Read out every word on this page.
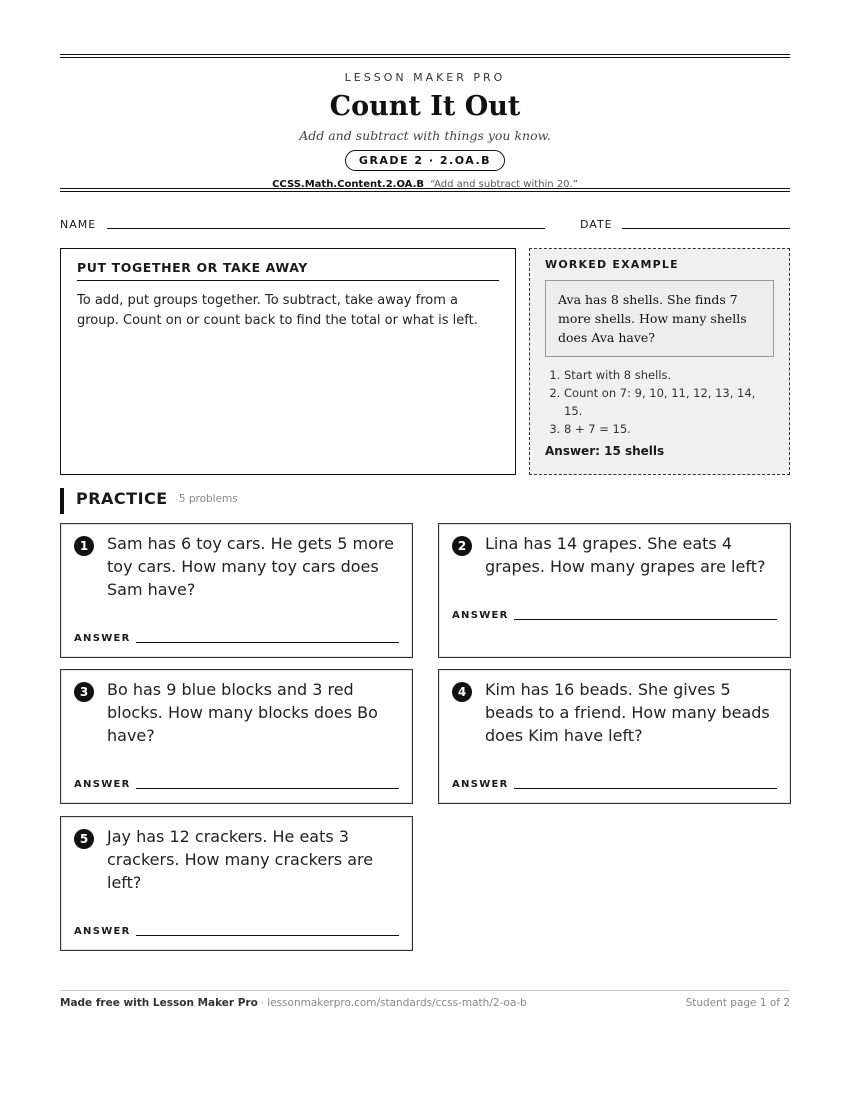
LESSON MAKER PRO
Count It Out
Add and subtract with things you know.
GRADE 2 · 2.OA.B
CCSS.Math.Content.2.OA.B “Add and subtract within 20.”
NAME	DATE
PUT TOGETHER OR TAKE AWAY
To add, put groups together. To subtract, take away from a group. Count on or count back to find the total or what is left.
WORKED EXAMPLE
Ava has 8 shells. She finds 7 more shells. How many shells does Ava have?
1. Start with 8 shells.
2. Count on 7: 9, 10, 11, 12, 13, 14, 15.
3. 8 + 7 = 15.
Answer: 15 shells
PRACTICE 5 problems
1	Sam has 6 toy cars. He gets 5 more toy cars. How many toy cars does Sam have?
ANSWER
2	Lina has 14 grapes. She eats 4 grapes. How many grapes are left?
ANSWER
3	Bo has 9 blue blocks and 3 red blocks. How many blocks does Bo have?
ANSWER
4	Kim has 16 beads. She gives 5 beads to a friend. How many beads does Kim have left?
ANSWER
5	Jay has 12 crackers. He eats 3 crackers. How many crackers are left?
ANSWER
Made free with Lesson Maker Pro · lessonmakerpro.com/standards/ccss-math/2-oa-b	Student page 1 of 2
